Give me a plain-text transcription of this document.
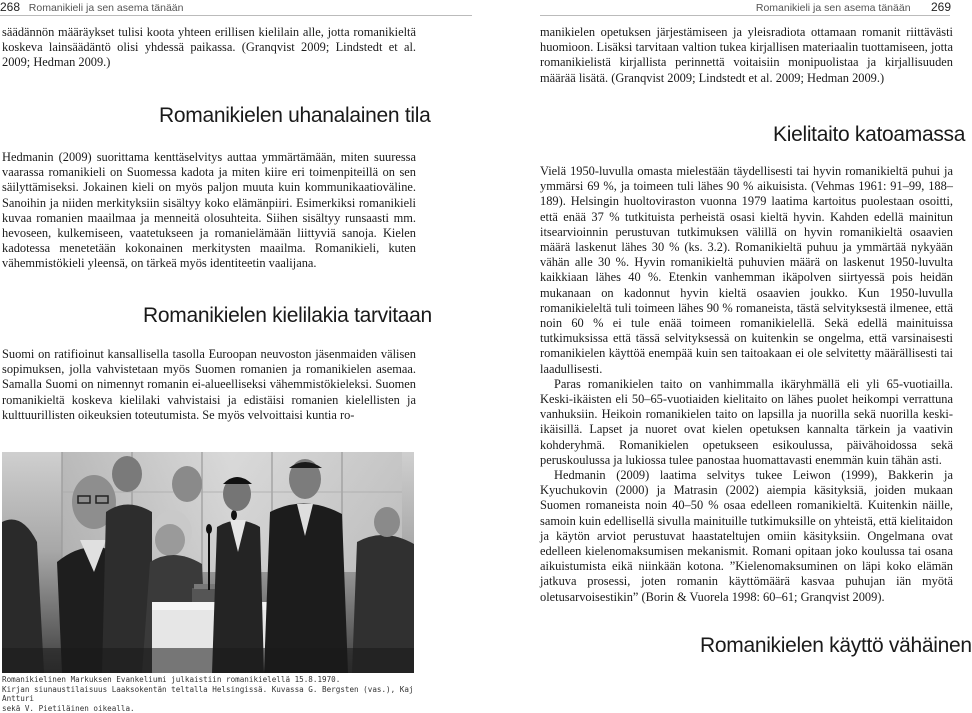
268 Romanikieli ja sen asema tänään

säädännön määräykset tulisi koota yhteen erillisen kielilain alle, jotta romanikieltä koskeva lainsäädäntö olisi yhdessä paikassa. (Granqvist 2009; Lindstedt et al. 2009; Hedman 2009.)

Romanikielen uhanalainen tila

Hedmanin (2009) suorittama kenttäselvitys auttaa ymmärtämään, miten suuressa vaarassa romanikieli on Suomessa kadota ja miten kiire eri toimenpiteillä on sen säilyttämiseksi. Jokainen kieli on myös paljon muuta kuin kommunikaatioväline. Sanoihin ja niiden merkityksiin sisältyy koko elämänpiiri. Esimerkiksi romanikieli kuvaa romanien maailmaa ja menneitä olosuhteita. Siihen sisältyy runsaasti mm. hevoseen, kulkemiseen, vaatetukseen ja romanielämään liittyviä sanoja. Kielen kadotessa menetetään kokonainen merkitysten maailma. Romanikieli, kuten vähemmistökieli yleensä, on tärkeä myös identiteetin vaalijana.

Romanikielen kielilakia tarvitaan

Suomi on ratifioinut kansallisella tasolla Euroopan neuvoston jäsenmaiden välisen sopimuksen, jolla vahvistetaan myös Suomen romanien ja romanikielen asemaa. Samalla Suomi on nimennyt romanin ei-alueelliseksi vähemmistökieleksi. Suomen romanikieltä koskeva kielilaki vahvistaisi ja edistäisi romanien kielellisten ja kulttuurillisten oikeuksien toteutumista. Se myös velvoittaisi kuntia ro-

Romanikielinen Markuksen Evankeliumi julkaistiin romanikielellä 15.8.1970.

Kirjan siunaustilaisuus Laaksokentän teltalla Helsingissä. Kuvassa G. Bergsten (vas.), Kaj Antturi

sekä V. Pietiläinen oikealla.

Romanikieli ja sen asema tänään 269

manikielen opetuksen järjestämiseen ja yleisradiota ottamaan romanit riittävästi huomioon. Lisäksi tarvitaan valtion tukea kirjallisen materiaalin tuottamiseen, jotta romanikielistä kirjallista perinnettä voitaisiin monipuolistaa ja kirjallisuuden määrää lisätä. (Granqvist 2009; Lindstedt et al. 2009; Hedman 2009.)

Kielitaito katoamassa

Vielä 1950-luvulla omasta mielestään täydellisesti tai hyvin romanikieltä puhui ja ymmärsi 69 %, ja toimeen tuli lähes 90 % aikuisista. (Vehmas 1961: 91–99, 188–189). Helsingin huoltoviraston vuonna 1979 laatima kartoitus puolestaan osoitti, että enää 37 % tutkituista perheistä osasi kieltä hyvin. Kahden edellä mainitun itsearvioinnin perustuvan tutkimuksen välillä on hyvin romanikieltä osaavien määrä laskenut lähes 30 % (ks. 3.2). Romanikieltä puhuu ja ymmärtää nykyään vähän alle 30 %. Hyvin romanikieltä puhuvien määrä on laskenut 1950-luvulta kaikkiaan lähes 40 %. Etenkin vanhemman ikäpolven siirtyessä pois heidän mukanaan on kadonnut hyvin kieltä osaavien joukko. Kun 1950-luvulla romanikieleltä tuli toimeen lähes 90 % romaneista, tästä selvityksestä ilmenee, että noin 60 % ei tule enää toimeen romanikielellä. Sekä edellä mainituissa tutkimuksissa että tässä selvityksessä on kuitenkin se ongelma, että varsinaisesti romanikielen käyttöä enempää kuin sen taitoakaan ei ole selvitetty määrällisesti tai laadullisesti.

Paras romanikielen taito on vanhimmalla ikäryhmällä eli yli 65-vuotiailla. Keski-ikäisten eli 50–65-vuotiaiden kielitaito on lähes puolet heikompi verrattuna vanhuksiin. Heikoin romanikielen taito on lapsilla ja nuorilla sekä nuorilla keski-ikäisillä. Lapset ja nuoret ovat kielen opetuksen kannalta tärkein ja vaativin kohderyhmä. Romanikielen opetukseen esikoulussa, päivähoidossa sekä peruskoulussa ja lukiossa tulee panostaa huomattavasti enemmän kuin tähän asti.

Hedmanin (2009) laatima selvitys tukee Leiwon (1999), Bakkerin ja Kyuchukovin (2000) ja Matrasin (2002) aiempia käsityksiä, joiden mukaan Suomen romaneista noin 40–50 % osaa edelleen romanikieltä. Kuitenkin näille, samoin kuin edellisellä sivulla mainituille tutkimuksille on yhteistä, että kielitaidon ja käytön arviot perustuvat haastateltujen omiin käsityksiin. Ongelmana ovat edelleen kielenomaksumisen mekanismit. Romani opitaan joko koulussa tai osana aikuistumista eikä niinkään kotona. ”Kielenomaksuminen on läpi koko elämän jatkuva prosessi, joten romanin käyttömäärä kasvaa puhujan iän myötä oletusarvoisestikin” (Borin & Vuorela 1998: 60–61; Granqvist 2009).

Romanikielen käyttö vähäinen
